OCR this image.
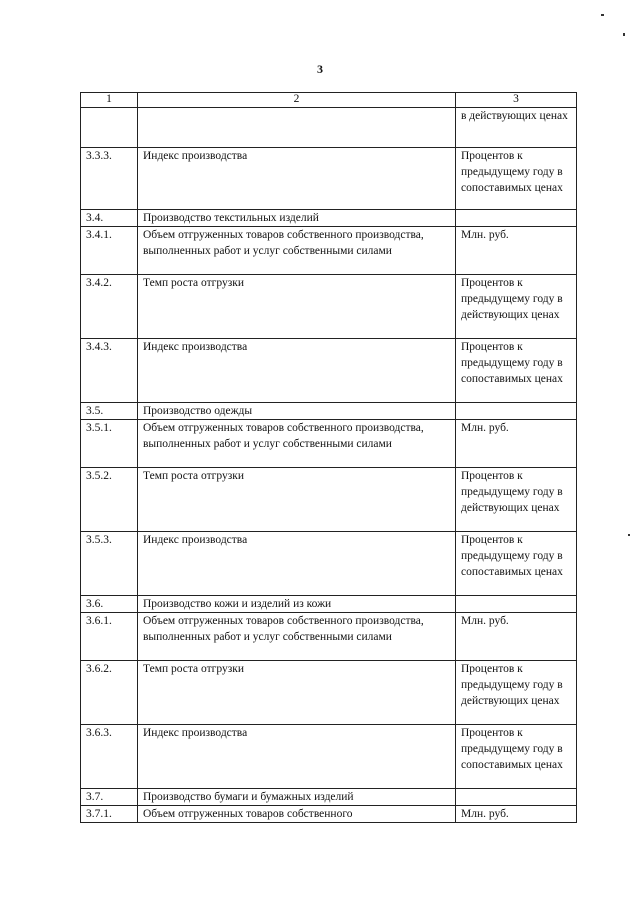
3
1	2	3
		в действующих ценах
3.3.3.	Индекс производства	Процентов к предыдущему году в сопоставимых ценах
3.4.	Производство текстильных изделий	
3.4.1.	Объем отгруженных товаров собственного производства, выполненных работ и услуг собственными силами	Млн. руб.
3.4.2.	Темп роста отгрузки	Процентов к предыдущему году в действующих ценах
3.4.3.	Индекс производства	Процентов к предыдущему году в сопоставимых ценах
3.5.	Производство одежды	
3.5.1.	Объем отгруженных товаров собственного производства, выполненных работ и услуг собственными силами	Млн. руб.
3.5.2.	Темп роста отгрузки	Процентов к предыдущему году в действующих ценах
3.5.3.	Индекс производства	Процентов к предыдущему году в сопоставимых ценах
3.6.	Производство кожи и изделий из кожи	
3.6.1.	Объем отгруженных товаров собственного производства, выполненных работ и услуг собственными силами	Млн. руб.
3.6.2.	Темп роста отгрузки	Процентов к предыдущему году в действующих ценах
3.6.3.	Индекс производства	Процентов к предыдущему году в сопоставимых ценах
3.7.	Производство бумаги и бумажных изделий	
3.7.1.	Объем отгруженных товаров собственного	Млн. руб.
